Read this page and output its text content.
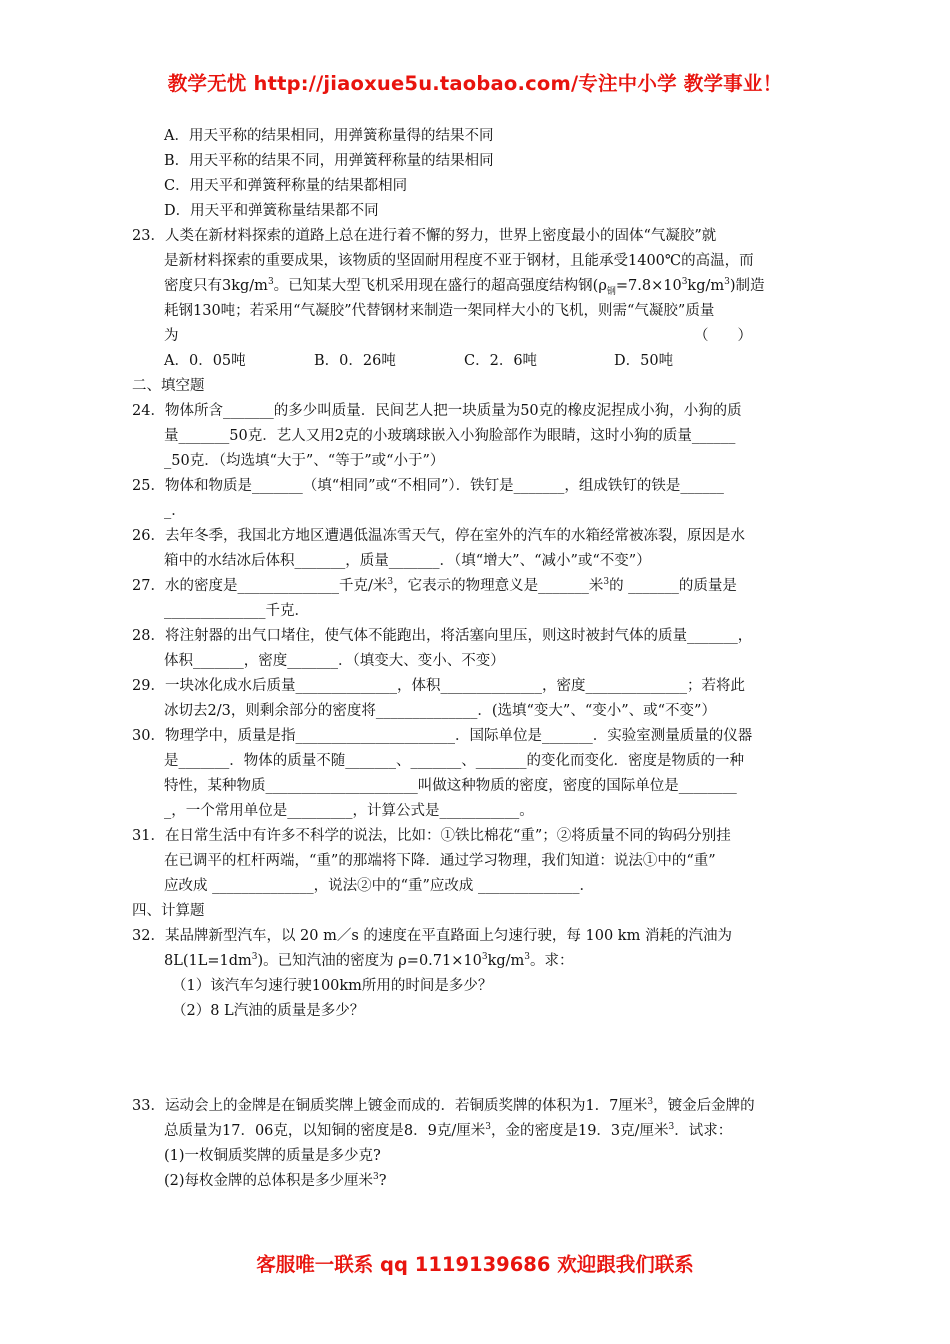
教学无忧 http://jiaoxue5u.taobao.com/专注中小学 教学事业！
A．用天平称的结果相同，用弹簧称量得的结果不同
B．用天平称的结果不同，用弹簧秤称量的结果相同
C．用天平和弹簧秤称量的结果都相同
D．用天平和弹簧称量结果都不同
23．人类在新材料探索的道路上总在进行着不懈的努力，世界上密度最小的固体“气凝胶”就
是新材料探索的重要成果，该物质的坚固耐用程度不亚于钢材，且能承受1400℃的高温，而
密度只有$3kg/m^3$。已知某大型飞机采用现在盛行的超高强度结构钢$(\rho_钢=7.8\times 10^3kg/m^3)$制造
耗钢130吨；若采用“气凝胶”代替钢材来制造一架同样大小的飞机，则需“气凝胶”质量
为	（　　）
A．0．05吨	B．0．26吨	C．2．6吨	D．50吨
二、填空题
24．物体所含_______的多少叫质量．民间艺人把一块质量为50克的橡皮泥捏成小狗，小狗的质
量_______50克．艺人又用2克的小玻璃球嵌入小狗脸部作为眼睛，这时小狗的质量______
_50克．（均选填“大于”、“等于”或“小于”）
25．物体和物质是_______（填“相同”或“不相同”）．铁钉是_______，组成铁钉的铁是______
_．
26．去年冬季，我国北方地区遭遇低温冻雪天气，停在室外的汽车的水箱经常被冻裂，原因是水
箱中的水结冰后体积_______，质量_______．（填“增大”、“减小”或“不变”）
27．水的密度是______________千克/米$^3$，它表示的物理意义是_______米$^3$的 _______的质量是
______________千克．
28．将注射器的出气口堵住，使气体不能跑出，将活塞向里压，则这时被封气体的质量_______，
体积_______，密度_______．（填变大、变小、不变）
29．一块冰化成水后质量______________，体积______________，密度______________；若将此
冰切去2/3，则剩余部分的密度将______________．(选填“变大”、“变小”、或“不变”）
30．物理学中，质量是指______________________．国际单位是_______．实验室测量质量的仪器
是_______．物体的质量不随_______、_______、_______的变化而变化．密度是物质的一种
特性，某种物质_____________________叫做这种物质的密度，密度的国际单位是________
_，一个常用单位是_________，计算公式是___________。
31．在日常生活中有许多不科学的说法，比如：①铁比棉花“重”；②将质量不同的钩码分别挂
在已调平的杠杆两端，“重”的那端将下降．通过学习物理，我们知道：说法①中的“重”
应改成 ______________，说法②中的“重”应改成 ______________．
四、计算题
32．某品牌新型汽车，以 20 m／s 的速度在平直路面上匀速行驶，每 100 km 消耗的汽油为
$8L(1L=1dm^3)$。已知汽油的密度为 $\rho=0.71\times 10^3kg/m^3$。求：
（1）该汽车匀速行驶100km所用的时间是多少？
（2）8 L汽油的质量是多少？
33．运动会上的金牌是在铜质奖牌上镀金而成的．若铜质奖牌的体积为1．7厘米$^3$，镀金后金牌的
总质量为17．06克，以知铜的密度是8．9克/厘米$^3$，金的密度是19．3克/厘米$^3$．试求：
(1)一枚铜质奖牌的质量是多少克?
(2)每枚金牌的总体积是多少厘米$^3$?
客服唯一联系 qq 1119139686 欢迎跟我们联系
